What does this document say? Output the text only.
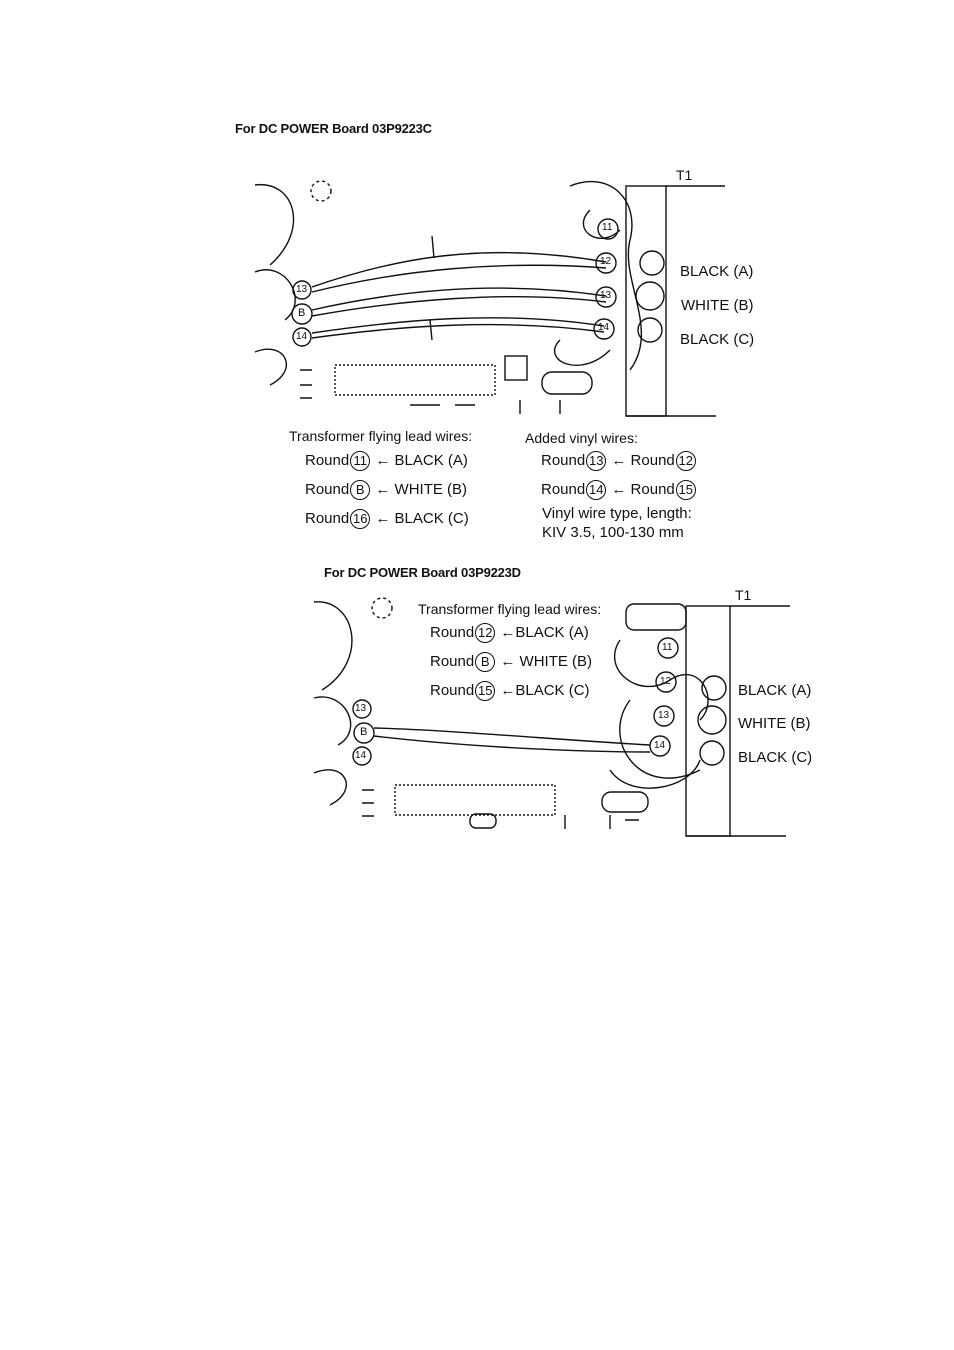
For DC POWER Board 03P9223C
T1
11
12
13
14
13
B
14
BLACK (A)
WHITE (B)
BLACK (C)
Transformer flying lead wires:
Round 11 ← BLACK (A)
Round B ← WHITE (B)
Round 16 ← BLACK (C)
Added vinyl wires:
Round 13 ← Round 12
Round 14 ← Round 15
Vinyl wire type, length:
KIV 3.5, 100-130 mm
For DC POWER Board 03P9223D
T1
Transformer flying lead wires:
Round 12 ←BLACK (A)
Round B ← WHITE (B)
Round 15 ←BLACK (C)
11
12
13
14
13
B
14
BLACK (A)
WHITE (B)
BLACK (C)
